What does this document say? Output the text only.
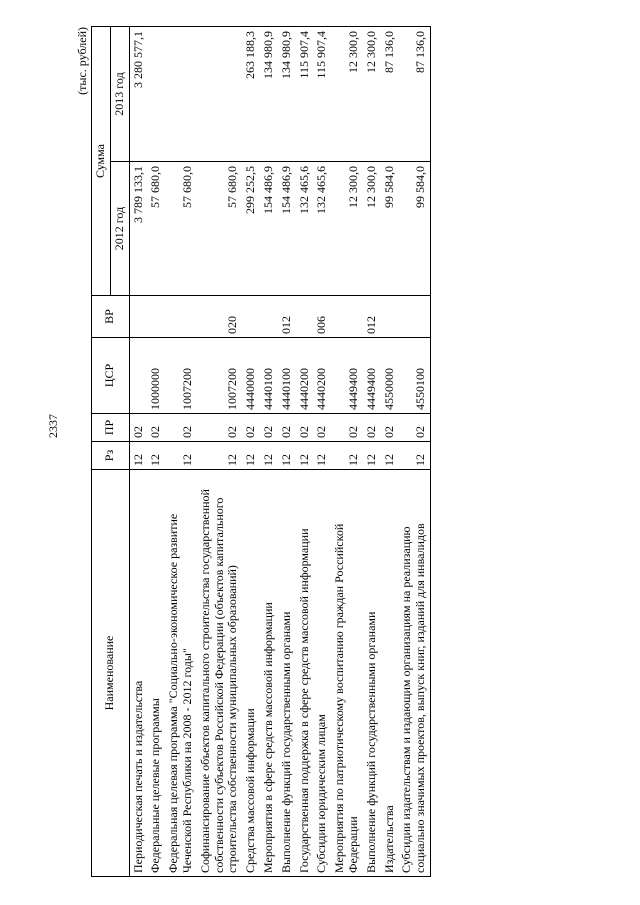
2337
(тыс. рублей)
Наименование	Рз	ПР	ЦСР	ВР	Сумма	
					2012 год	2013 год
Периодическая печать и издательства	12	02			3 789 133,1	3 280 577,1
Федеральные целевые программы	12	02	1000000		57 680,0	
Федеральная целевая программа "Социально-экономическое развитие Чеченской Республики на 2008 - 2012 годы"	12	02	1007200		57 680,0	
Софинансирование объектов капитального строительства государственной собственности субъектов Российской Федерации (объектов капитального строительства собственности муниципальных образований)	12	02	1007200	020	57 680,0	
Средства массовой информации	12	02	4440000		299 252,5	263 188,3
Мероприятия в сфере средств массовой информации	12	02	4440100		154 486,9	134 980,9
Выполнение функций государственными органами	12	02	4440100	012	154 486,9	134 980,9
Государственная поддержка в сфере средств массовой информации	12	02	4440200		132 465,6	115 907,4
Субсидии юридическим лицам	12	02	4440200	006	132 465,6	115 907,4
Мероприятия по патриотическому воспитанию граждан Российской Федерации	12	02	4449400		12 300,0	12 300,0
Выполнение функций государственными органами	12	02	4449400	012	12 300,0	12 300,0
Издательства	12	02	4550000		99 584,0	87 136,0
Субсидии издательствам и издающим организациям на реализацию социально значимых проектов, выпуск книг, изданий для инвалидов	12	02	4550100		99 584,0	87 136,0
